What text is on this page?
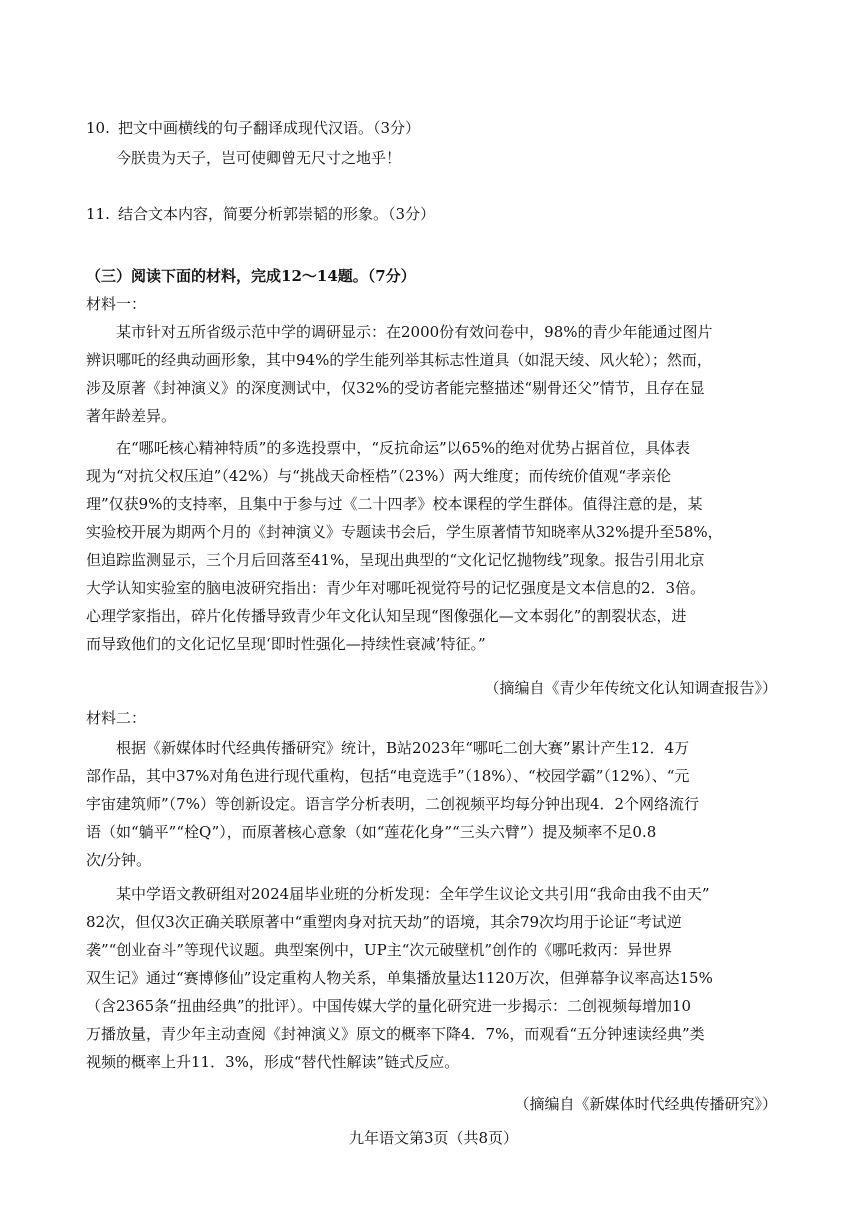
10. 把文中画横线的句子翻译成现代汉语。（3分）
今朕贵为天子，岂可使卿曾无尺寸之地乎！
11. 结合文本内容，简要分析郭崇韬的形象。（3分）
（三）阅读下面的材料，完成12～14题。（7分）
材料一：
某市针对五所省级示范中学的调研显示：在2000份有效问卷中，98%的青少年能通过图片
辨识哪吒的经典动画形象，其中94%的学生能列举其标志性道具（如混天绫、风火轮）；然而，
涉及原著《封神演义》的深度测试中，仅32%的受访者能完整描述“剔骨还父”情节，且存在显
著年龄差异。
在“哪吒核心精神特质”的多选投票中，“反抗命运”以65%的绝对优势占据首位，具体表
现为“对抗父权压迫”（42%）与“挑战天命桎梏”（23%）两大维度；而传统价值观“孝亲伦
理”仅获9%的支持率，且集中于参与过《二十四孝》校本课程的学生群体。值得注意的是，某
实验校开展为期两个月的《封神演义》专题读书会后，学生原著情节知晓率从32%提升至58%，
但追踪监测显示，三个月后回落至41%，呈现出典型的“文化记忆抛物线”现象。报告引用北京
大学认知实验室的脑电波研究指出：青少年对哪吒视觉符号的记忆强度是文本信息的2．3倍。
心理学家指出，碎片化传播导致青少年文化认知呈现“图像强化—文本弱化”的割裂状态，进
而导致他们的文化记忆呈现‘即时性强化—持续性衰减’特征。”
（摘编自《青少年传统文化认知调查报告》）
材料二：
根据《新媒体时代经典传播研究》统计，B站2023年“哪吒二创大赛”累计产生12．4万
部作品，其中37%对角色进行现代重构，包括“电竞选手”（18%）、“校园学霸”（12%）、“元
宇宙建筑师”（7%）等创新设定。语言学分析表明，二创视频平均每分钟出现4．2个网络流行
语（如“躺平”“栓Q”），而原著核心意象（如“莲花化身”“三头六臂”）提及频率不足0.8
次/分钟。
某中学语文教研组对2024届毕业班的分析发现：全年学生议论文共引用“我命由我不由天”
82次，但仅3次正确关联原著中“重塑肉身对抗天劫”的语境，其余79次均用于论证“考试逆
袭”“创业奋斗”等现代议题。典型案例中，UP主“次元破壁机”创作的《哪吒救丙：异世界
双生记》通过“赛博修仙”设定重构人物关系，单集播放量达1120万次，但弹幕争议率高达15%
（含2365条“扭曲经典”的批评）。中国传媒大学的量化研究进一步揭示：二创视频每增加10
万播放量，青少年主动查阅《封神演义》原文的概率下降4．7%，而观看“五分钟速读经典”类
视频的概率上升11．3%，形成“替代性解读”链式反应。
（摘编自《新媒体时代经典传播研究》）
九年语文第3页（共8页）
